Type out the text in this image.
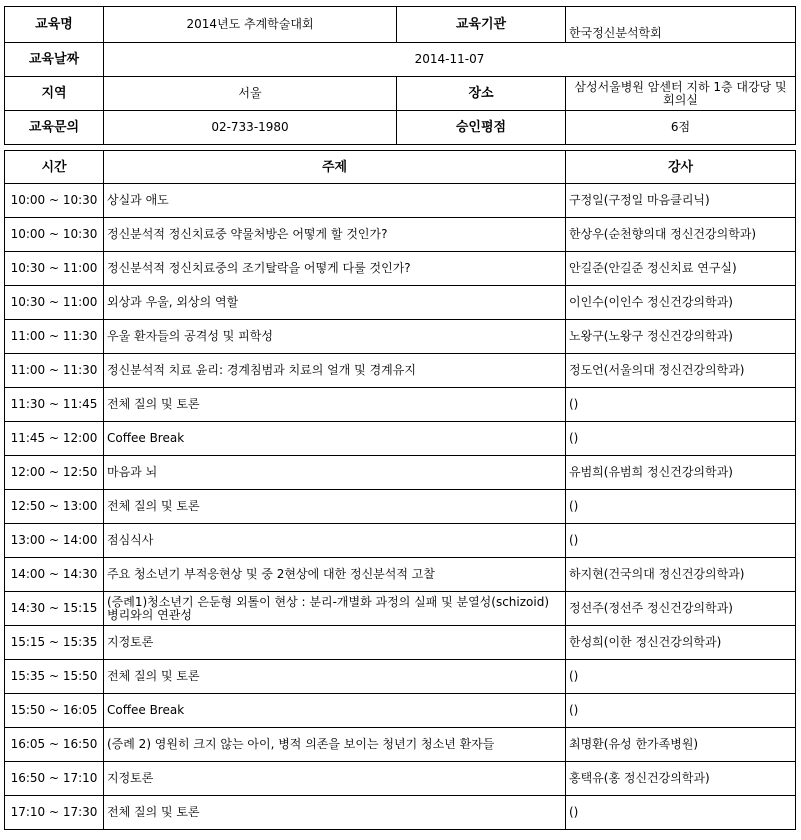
교육명	2014년도 추계학술대회	교육기관	한국정신분석학회
교육날짜	2014-11-07		
지역	서울	장소	삼성서울병원 암센터 지하 1층 대강당 및 회의실
교육문의	02-733-1980	승인평점	6점
시간	주제	강사
10:00 ~ 10:30	상실과 애도	구정일(구정일 마음클리닉)
10:00 ~ 10:30	정신분석적 정신치료중 약물처방은 어떻게 할 것인가?	한상우(순천향의대 정신건강의학과)
10:30 ~ 11:00	정신분석적 정신치료중의 조기탈락을 어떻게 다룰 것인가?	안길준(안길준 정신치료 연구실)
10:30 ~ 11:00	외상과 우울, 외상의 역할	이인수(이인수 정신건강의학과)
11:00 ~ 11:30	우울 환자들의 공격성 및 피학성	노왕구(노왕구 정신건강의학과)
11:00 ~ 11:30	정신분석적 치료 윤리: 경계침범과 치료의 얼개 및 경계유지	정도언(서울의대 정신건강의학과)
11:30 ~ 11:45	전체 질의 및 토론	()
11:45 ~ 12:00	Coffee Break	()
12:00 ~ 12:50	마음과 뇌	유범희(유범희 정신건강의학과)
12:50 ~ 13:00	전체 질의 및 토론	()
13:00 ~ 14:00	점심식사	()
14:00 ~ 14:30	주요 청소년기 부적응현상 및 중 2현상에 대한 정신분석적 고찰	하지현(건국의대 정신건강의학과)
14:30 ~ 15:15	(증례1)청소년기 은둔형 외톨이 현상 : 분리-개별화 과정의 실패 및 분열성(schizoid) 병리와의 연관성	정선주(정선주 정신건강의학과)
15:15 ~ 15:35	지정토론	한성희(이한 정신건강의학과)
15:35 ~ 15:50	전체 질의 및 토론	()
15:50 ~ 16:05	Coffee Break	()
16:05 ~ 16:50	(증례 2) 영원히 크지 않는 아이, 병적 의존을 보이는 청년기 청소년 환자들	최명환(유성 한가족병원)
16:50 ~ 17:10	지정토론	홍택유(홍 정신건강의학과)
17:10 ~ 17:30	전체 질의 및 토론	()
